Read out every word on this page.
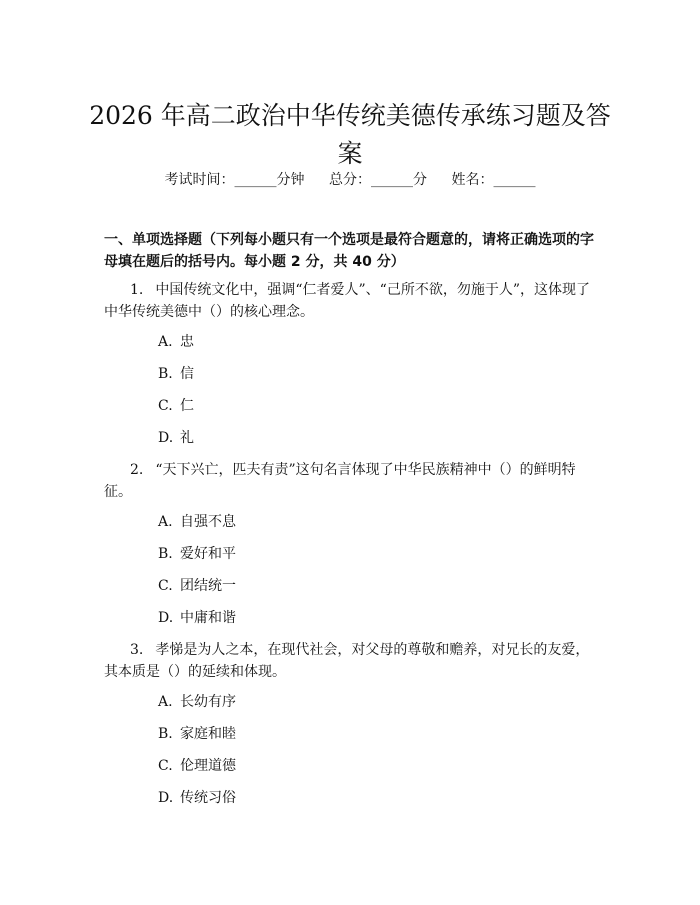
2026 年高二政治中华传统美德传承练习题及答案
考试时间：______分钟 总分：______分 姓名：______
一、单项选择题（下列每小题只有一个选项是最符合题意的，请将正确选项的字母填在题后的括号内。每小题 2 分，共 40 分）
1. 中国传统文化中，强调“仁者爱人”、“己所不欲，勿施于人”，这体现了中华传统美德中（）的核心理念。
A. 忠
B. 信
C. 仁
D. 礼
2. “天下兴亡，匹夫有责”这句名言体现了中华民族精神中（）的鲜明特征。
A. 自强不息
B. 爱好和平
C. 团结统一
D. 中庸和谐
3. 孝悌是为人之本，在现代社会，对父母的尊敬和赡养，对兄长的友爱，其本质是（）的延续和体现。
A. 长幼有序
B. 家庭和睦
C. 伦理道德
D. 传统习俗
